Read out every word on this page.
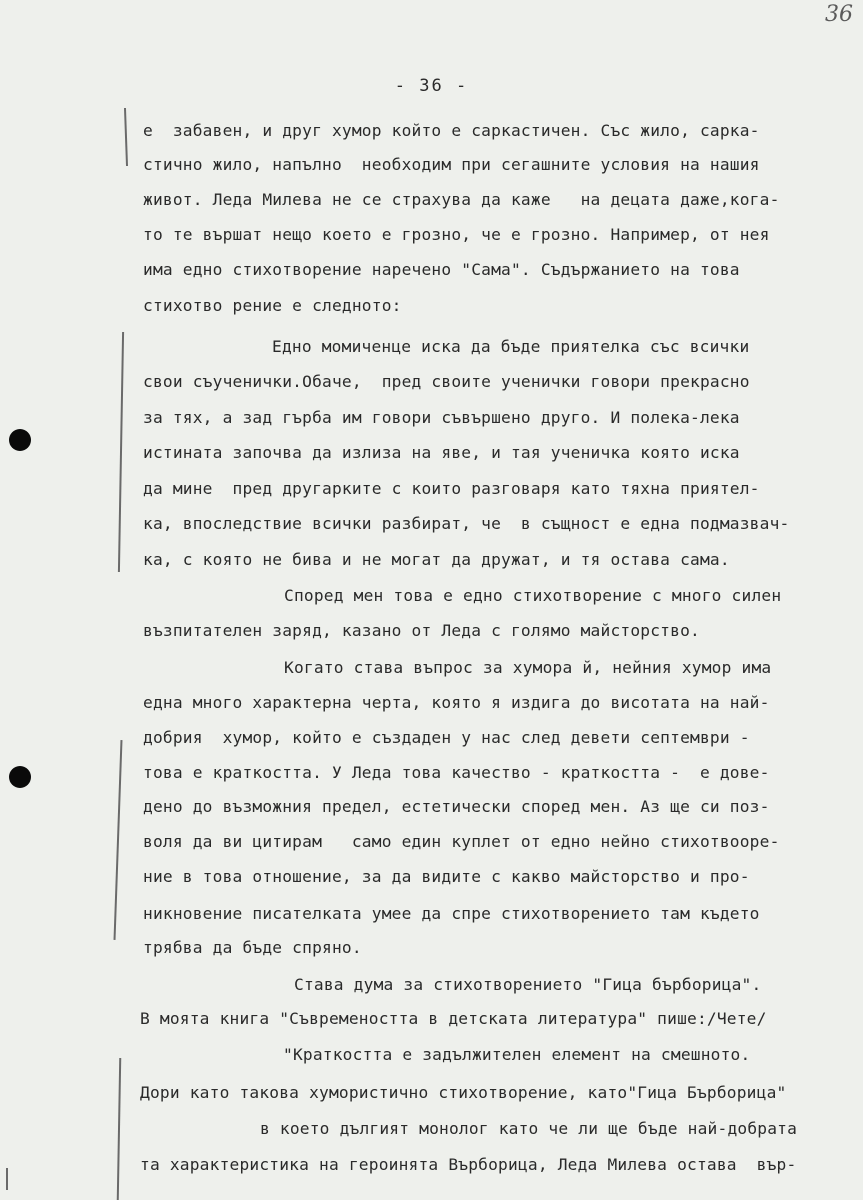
36
- 36 -
е  забавен, и друг хумор който е саркастичен. Със жило, сарка-
стично жило, напълно  необходим при сегашните условия на нашия
живот. Леда Милева не се страхува да каже   на децата даже,кога-
то те вършат нещо което е грозно, че е грозно. Например, от нея
има едно стихотворение наречено "Сама". Съдържанието на това
стихотво рение е следното:
Едно момиченце иска да бъде приятелка със всички
свои съученички.Обаче,  пред своите ученички говори прекрасно
за тях, а зад гърба им говори съвършено друго. И полека-лека
истината започва да излиза на яве, и тая ученичка която иска
да мине  пред другарките с които разговаря като тяхна приятел-
ка, впоследствие всички разбират, че  в същност е една подмазвач-
ка, с която не бива и не могат да дружат, и тя остава сама.
Според мен това е едно стихотворение с много силен
възпитателен заряд, казано от Леда с голямо майсторство.
Когато става въпрос за хумора й, нейния хумор има
една много характерна черта, която я издига до висотата на най-
добрия  хумор, който е създаден у нас след девети септември -
това е краткостта. У Леда това качество - краткостта -  е дове-
дено до възможния предел, естетически според мен. Аз ще си поз-
воля да ви цитирам   само един куплет от едно нейно стихотвооре-
ние в това отношение, за да видите с какво майсторство и про-
никновение писателката умее да спре стихотворението там където
трябва да бъде спряно.
Става дума за стихотворението "Гица бърборица".
В моята книга "Съвремеността в детската литература" пише:/Чете/
"Краткостта е задължителен елемент на смешното.
Дори като такова хумористично стихотворение, като"Гица Бърборица"
в което дългият монолог като че ли ще бъде най-добрата
та характеристика на героинята Върборица, Леда Милева остава  вър-
